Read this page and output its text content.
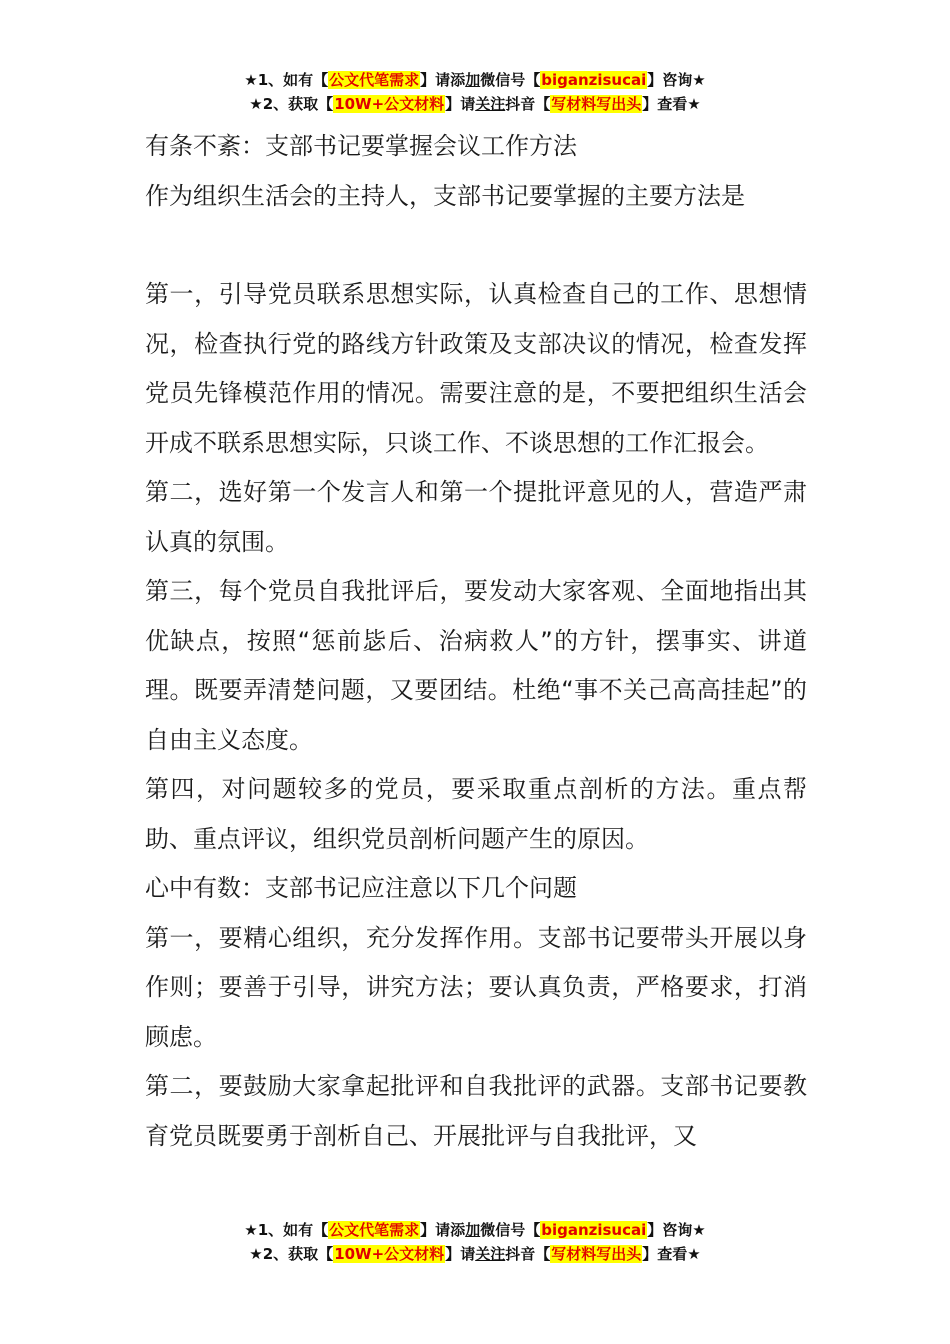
★1、如有【公文代笔需求】请添加微信号【biganzisucai】咨询★
★2、获取【10W+公文材料】请关注抖音【写材料写出头】查看★

有条不紊：支部书记要掌握会议工作方法

作为组织生活会的主持人，支部书记要掌握的主要方法是

第一，引导党员联系思想实际，认真检查自己的工作、思想情况，检查执行党的路线方针政策及支部决议的情况，检查发挥党员先锋模范作用的情况。需要注意的是，不要把组织生活会开成不联系思想实际，只谈工作、不谈思想的工作汇报会。

第二，选好第一个发言人和第一个提批评意见的人，营造严肃认真的氛围。

第三，每个党员自我批评后，要发动大家客观、全面地指出其优缺点，按照“惩前毖后、治病救人”的方针，摆事实、讲道理。既要弄清楚问题，又要团结。杜绝“事不关己高高挂起”的自由主义态度。

第四，对问题较多的党员，要采取重点剖析的方法。重点帮助、重点评议，组织党员剖析问题产生的原因。

心中有数：支部书记应注意以下几个问题

第一，要精心组织，充分发挥作用。支部书记要带头开展以身作则；要善于引导，讲究方法；要认真负责，严格要求，打消顾虑。

第二，要鼓励大家拿起批评和自我批评的武器。支部书记要教育党员既要勇于剖析自己、开展批评与自我批评，又

★1、如有【公文代笔需求】请添加微信号【biganzisucai】咨询★
★2、获取【10W+公文材料】请关注抖音【写材料写出头】查看★
